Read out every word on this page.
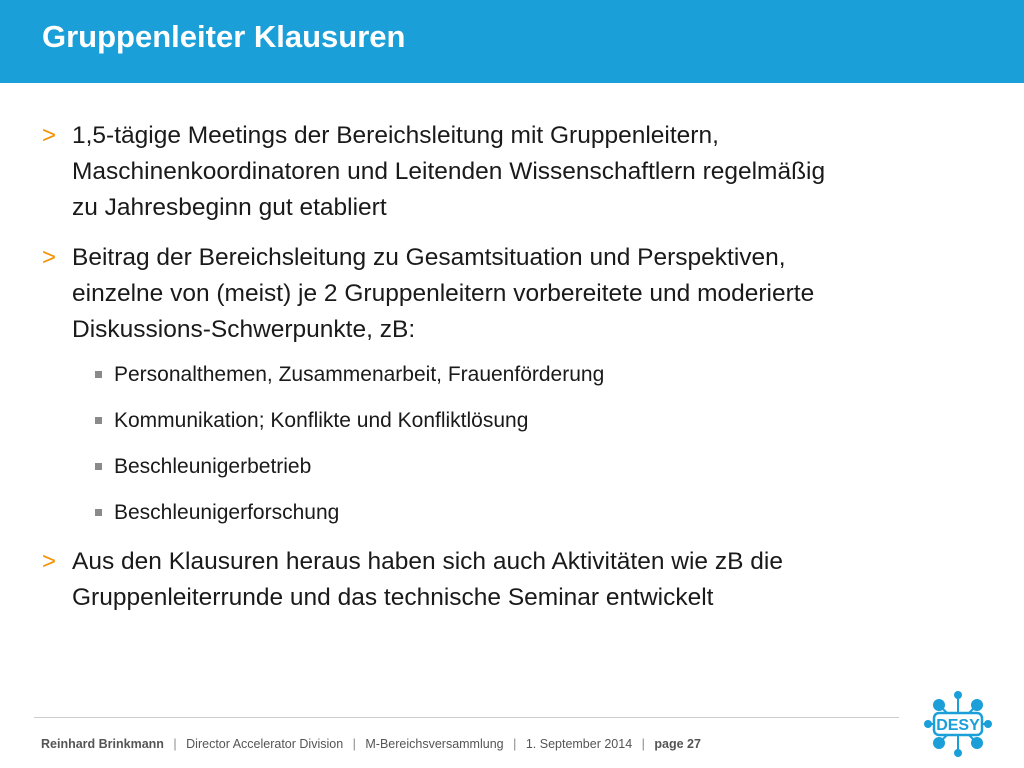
Gruppenleiter Klausuren
> 1,5-tägige Meetings der Bereichsleitung mit Gruppenleitern,
Maschinenkoordinatoren und Leitenden Wissenschaftlern regelmäßig
zu Jahresbeginn gut etabliert
> Beitrag der Bereichsleitung zu Gesamtsituation und Perspektiven,
einzelne von (meist) je 2 Gruppenleitern vorbereitete und moderierte
Diskussions-Schwerpunkte, zB:
Personalthemen, Zusammenarbeit, Frauenförderung
Kommunikation; Konflikte und Konfliktlösung
Beschleunigerbetrieb
Beschleunigerforschung
> Aus den Klausuren heraus haben sich auch Aktivitäten wie zB die
Gruppenleiterrunde und das technische Seminar entwickelt
Reinhard Brinkmann | Director Accelerator Division | M-Bereichsversammlung | 1. September 2014 | page 27
DESY
